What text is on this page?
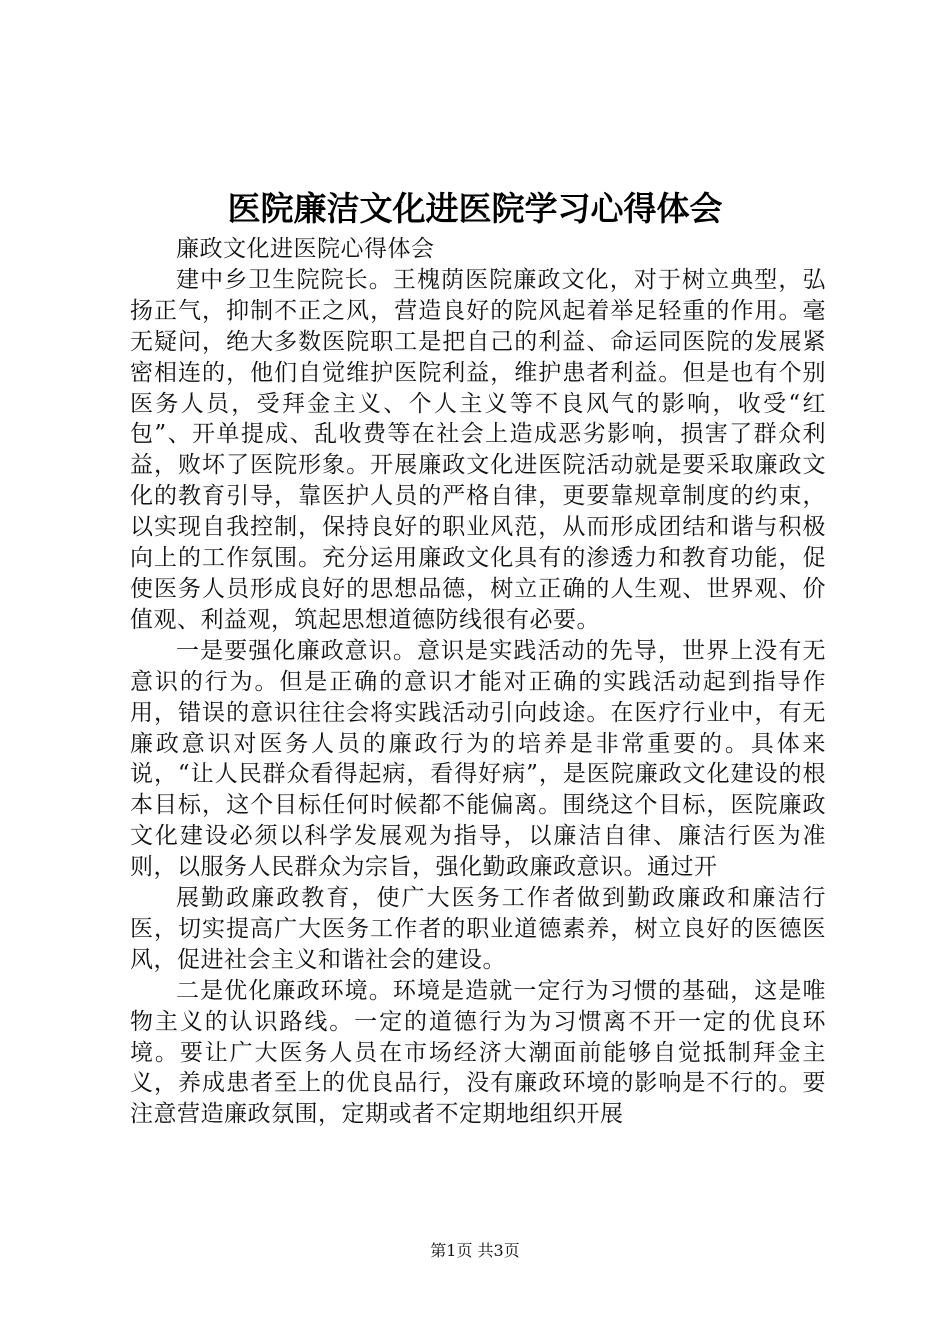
医院廉洁文化进医院学习心得体会

廉政文化进医院心得体会

建中乡卫生院院长。王槐荫医院廉政文化，对于树立典型，弘扬正气，抑制不正之风，营造良好的院风起着举足轻重的作用。毫无疑问，绝大多数医院职工是把自己的利益、命运同医院的发展紧密相连的，他们自觉维护医院利益，维护患者利益。但是也有个别医务人员，受拜金主义、个人主义等不良风气的影响，收受“红包”、开单提成、乱收费等在社会上造成恶劣影响，损害了群众利益，败坏了医院形象。开展廉政文化进医院活动就是要采取廉政文化的教育引导，靠医护人员的严格自律，更要靠规章制度的约束，以实现自我控制，保持良好的职业风范，从而形成团结和谐与积极向上的工作氛围。充分运用廉政文化具有的渗透力和教育功能，促使医务人员形成良好的思想品德，树立正确的人生观、世界观、价值观、利益观，筑起思想道德防线很有必要。

一是要强化廉政意识。意识是实践活动的先导，世界上没有无意识的行为。但是正确的意识才能对正确的实践活动起到指导作用，错误的意识往往会将实践活动引向歧途。在医疗行业中，有无廉政意识对医务人员的廉政行为的培养是非常重要的。具体来说，“让人民群众看得起病，看得好病”，是医院廉政文化建设的根本目标，这个目标任何时候都不能偏离。围绕这个目标，医院廉政文化建设必须以科学发展观为指导，以廉洁自律、廉洁行医为准则，以服务人民群众为宗旨，强化勤政廉政意识。通过开

展勤政廉政教育，使广大医务工作者做到勤政廉政和廉洁行医，切实提高广大医务工作者的职业道德素养，树立良好的医德医风，促进社会主义和谐社会的建设。

二是优化廉政环境。环境是造就一定行为习惯的基础，这是唯物主义的认识路线。一定的道德行为为习惯离不开一定的优良环境。要让广大医务人员在市场经济大潮面前能够自觉抵制拜金主义，养成患者至上的优良品行，没有廉政环境的影响是不行的。要注意营造廉政氛围，定期或者不定期地组织开展

第1页 共3页
